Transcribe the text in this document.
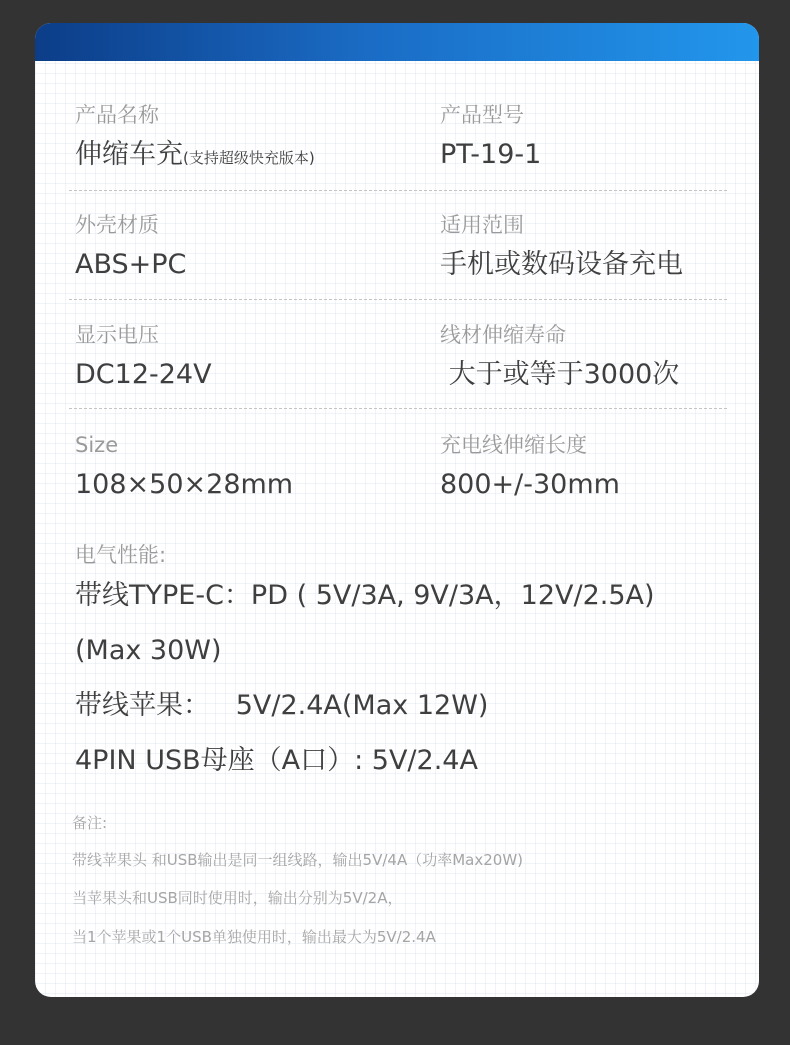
产品名称
伸缩车充(支持超级快充版本)
产品型号
PT-19-1
外壳材质
ABS+PC
适用范围
手机或数码设备充电
显示电压
DC12-24V
线材伸缩寿命
大于或等于3000次
Size
108×50×28mm
充电线伸缩长度
800+/-30mm
电气性能:
带线TYPE-C：PD ( 5V/3A, 9V/3A，12V/2.5A)
(Max 30W)
带线苹果：   5V/2.4A(Max 12W)
4PIN USB母座（A口）: 5V/2.4A
备注:
带线苹果头 和USB输出是同一组线路，输出5V/4A（功率Max20W)
当苹果头和USB同时使用时，输出分别为5V/2A，
当1个苹果或1个USB单独使用时，输出最大为5V/2.4A
